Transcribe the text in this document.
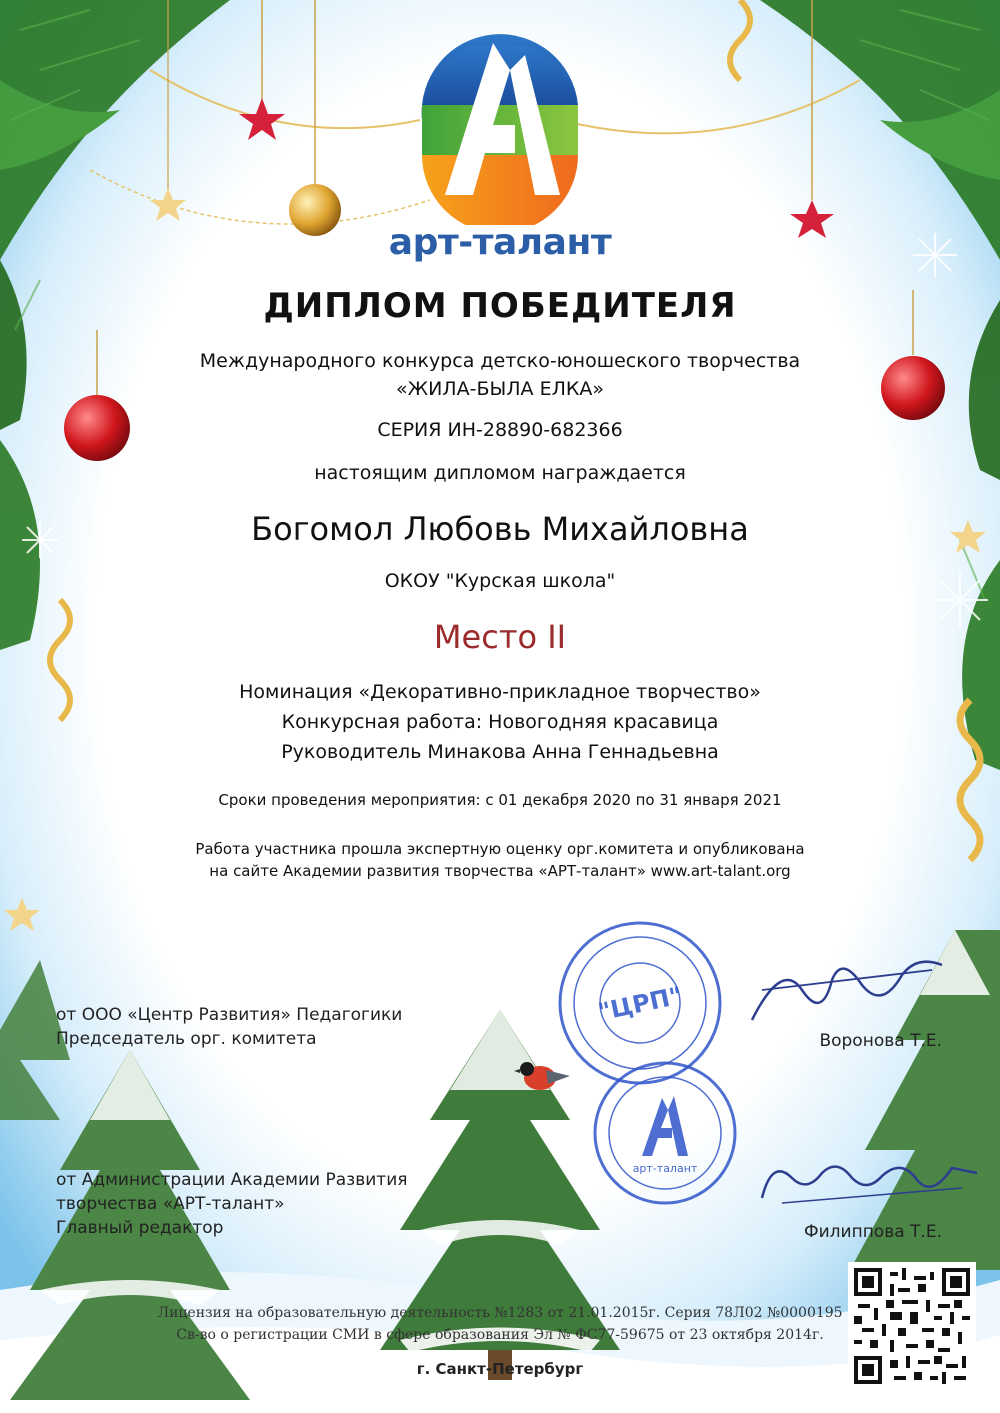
арт-талант
ДИПЛОМ ПОБЕДИТЕЛЯ
Международного конкурса детско-юношеского творчества
«ЖИЛА-БЫЛА ЕЛКА»
СЕРИЯ ИН-28890-682366
настоящим дипломом награждается
Богомол Любовь Михайловна
ОКОУ "Курская школа"
Место II
Номинация «Декоративно-прикладное творчество»
Конкурсная работа: Новогодняя красавица
Руководитель Минакова Анна Геннадьевна
Сроки проведения мероприятия: с 01 декабря 2020 по 31 января 2021
Работа участника прошла экспертную оценку орг.комитета и опубликована
на сайте Академии развития творчества «АРТ-талант» www.art-talant.org
"ЦРП"
арт-талант
от ООО «Центр Развития» Педагогики
Председатель орг. комитета	Воронова Т.Е.
от Администрации Академии Развития
творчества «АРТ-талант»
Главный редактор	Филиппова Т.Е.
Лицензия на образовательную деятельность №1283 от 21.01.2015г. Серия 78Л02 №0000195
Св-во о регистрации СМИ в сфере образования Эл № ФС77-59675 от 23 октября 2014г.
г. Санкт-Петербург
